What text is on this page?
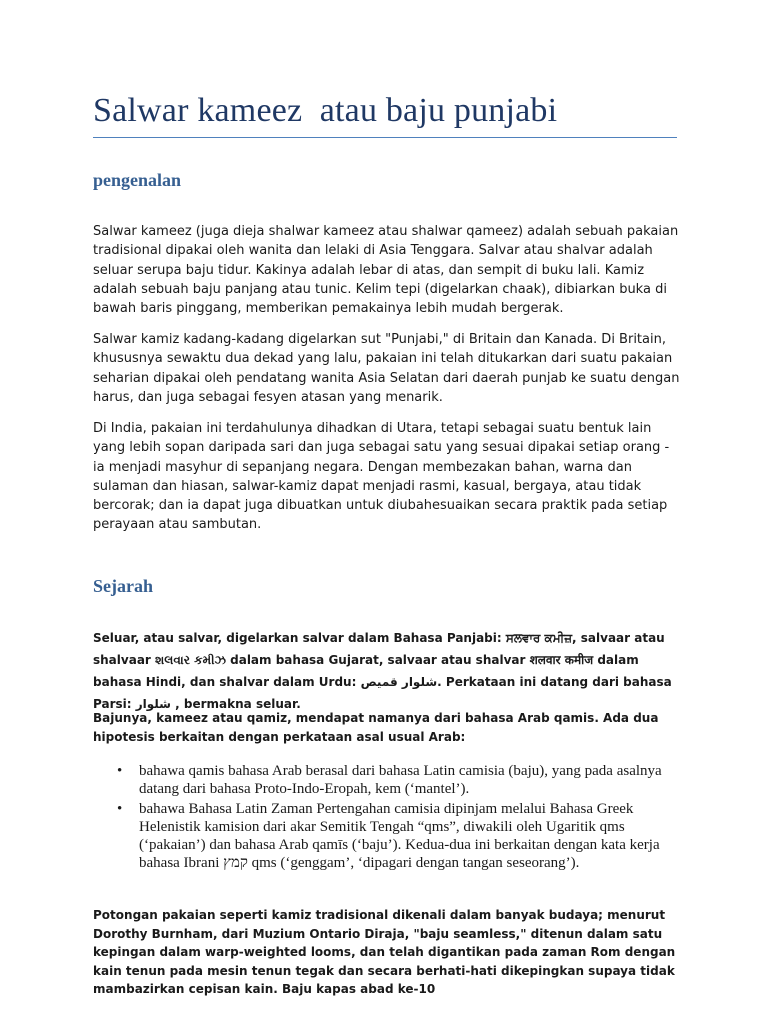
Salwar kameez  atau baju punjabi
pengenalan
Salwar kameez (juga dieja shalwar kameez atau shalwar qameez) adalah sebuah pakaian tradisional dipakai oleh wanita dan lelaki di Asia Tenggara. Salvar atau shalvar adalah seluar serupa baju tidur. Kakinya adalah lebar di atas, dan sempit di buku lali. Kamiz adalah sebuah baju panjang atau tunic. Kelim tepi (digelarkan chaak), dibiarkan buka di bawah baris pinggang, memberikan pemakainya lebih mudah bergerak.
Salwar kamiz kadang-kadang digelarkan sut "Punjabi," di Britain dan Kanada. Di Britain, khususnya sewaktu dua dekad yang lalu, pakaian ini telah ditukarkan dari suatu pakaian seharian dipakai oleh pendatang wanita Asia Selatan dari daerah punjab ke suatu dengan harus, dan juga sebagai fesyen atasan yang menarik.
Di India, pakaian ini terdahulunya dihadkan di Utara, tetapi sebagai suatu bentuk lain yang lebih sopan daripada sari dan juga sebagai satu yang sesuai dipakai setiap orang - ia menjadi masyhur di sepanjang negara. Dengan membezakan bahan, warna dan sulaman dan hiasan, salwar-kamiz dapat menjadi rasmi, kasual, bergaya, atau tidak bercorak; dan ia dapat juga dibuatkan untuk diubahesuaikan secara praktik pada setiap perayaan atau sambutan.
Sejarah
Seluar, atau salvar, digelarkan salvar dalam Bahasa Panjabi: ਸਲਵਾਰ ਕਮੀਜ਼, salvaar atau shalvaar શલવાર કમીઝ dalam bahasa Gujarat, salvaar atau shalvar शलवार कमीज dalam bahasa Hindi, dan shalvar dalam Urdu: شلوار قمیص. Perkataan ini datang dari bahasa Parsi: شلوار , bermakna seluar.
Bajunya, kameez atau qamiz, mendapat namanya dari bahasa Arab qamis. Ada dua hipotesis berkaitan dengan perkataan asal usual Arab:
• bahawa qamis bahasa Arab berasal dari bahasa Latin camisia (baju), yang pada asalnya datang dari bahasa Proto-Indo-Eropah, kem (‘mantel’).
• bahawa Bahasa Latin Zaman Pertengahan camisia dipinjam melalui Bahasa Greek Helenistik kamision dari akar Semitik Tengah “qms”, diwakili oleh Ugaritik qms (‘pakaian’) dan bahasa Arab qamīs (‘baju’). Kedua-dua ini berkaitan dengan kata kerja bahasa Ibrani קמץ qms (‘genggam’, ‘dipagari dengan tangan seseorang’).
Potongan pakaian seperti kamiz tradisional dikenali dalam banyak budaya; menurut Dorothy Burnham, dari Muzium Ontario Diraja, "baju seamless," ditenun dalam satu kepingan dalam warp-weighted looms, dan telah digantikan pada zaman Rom dengan kain tenun pada mesin tenun tegak dan secara berhati-hati dikepingkan supaya tidak mambazirkan cepisan kain. Baju kapas abad ke-10
